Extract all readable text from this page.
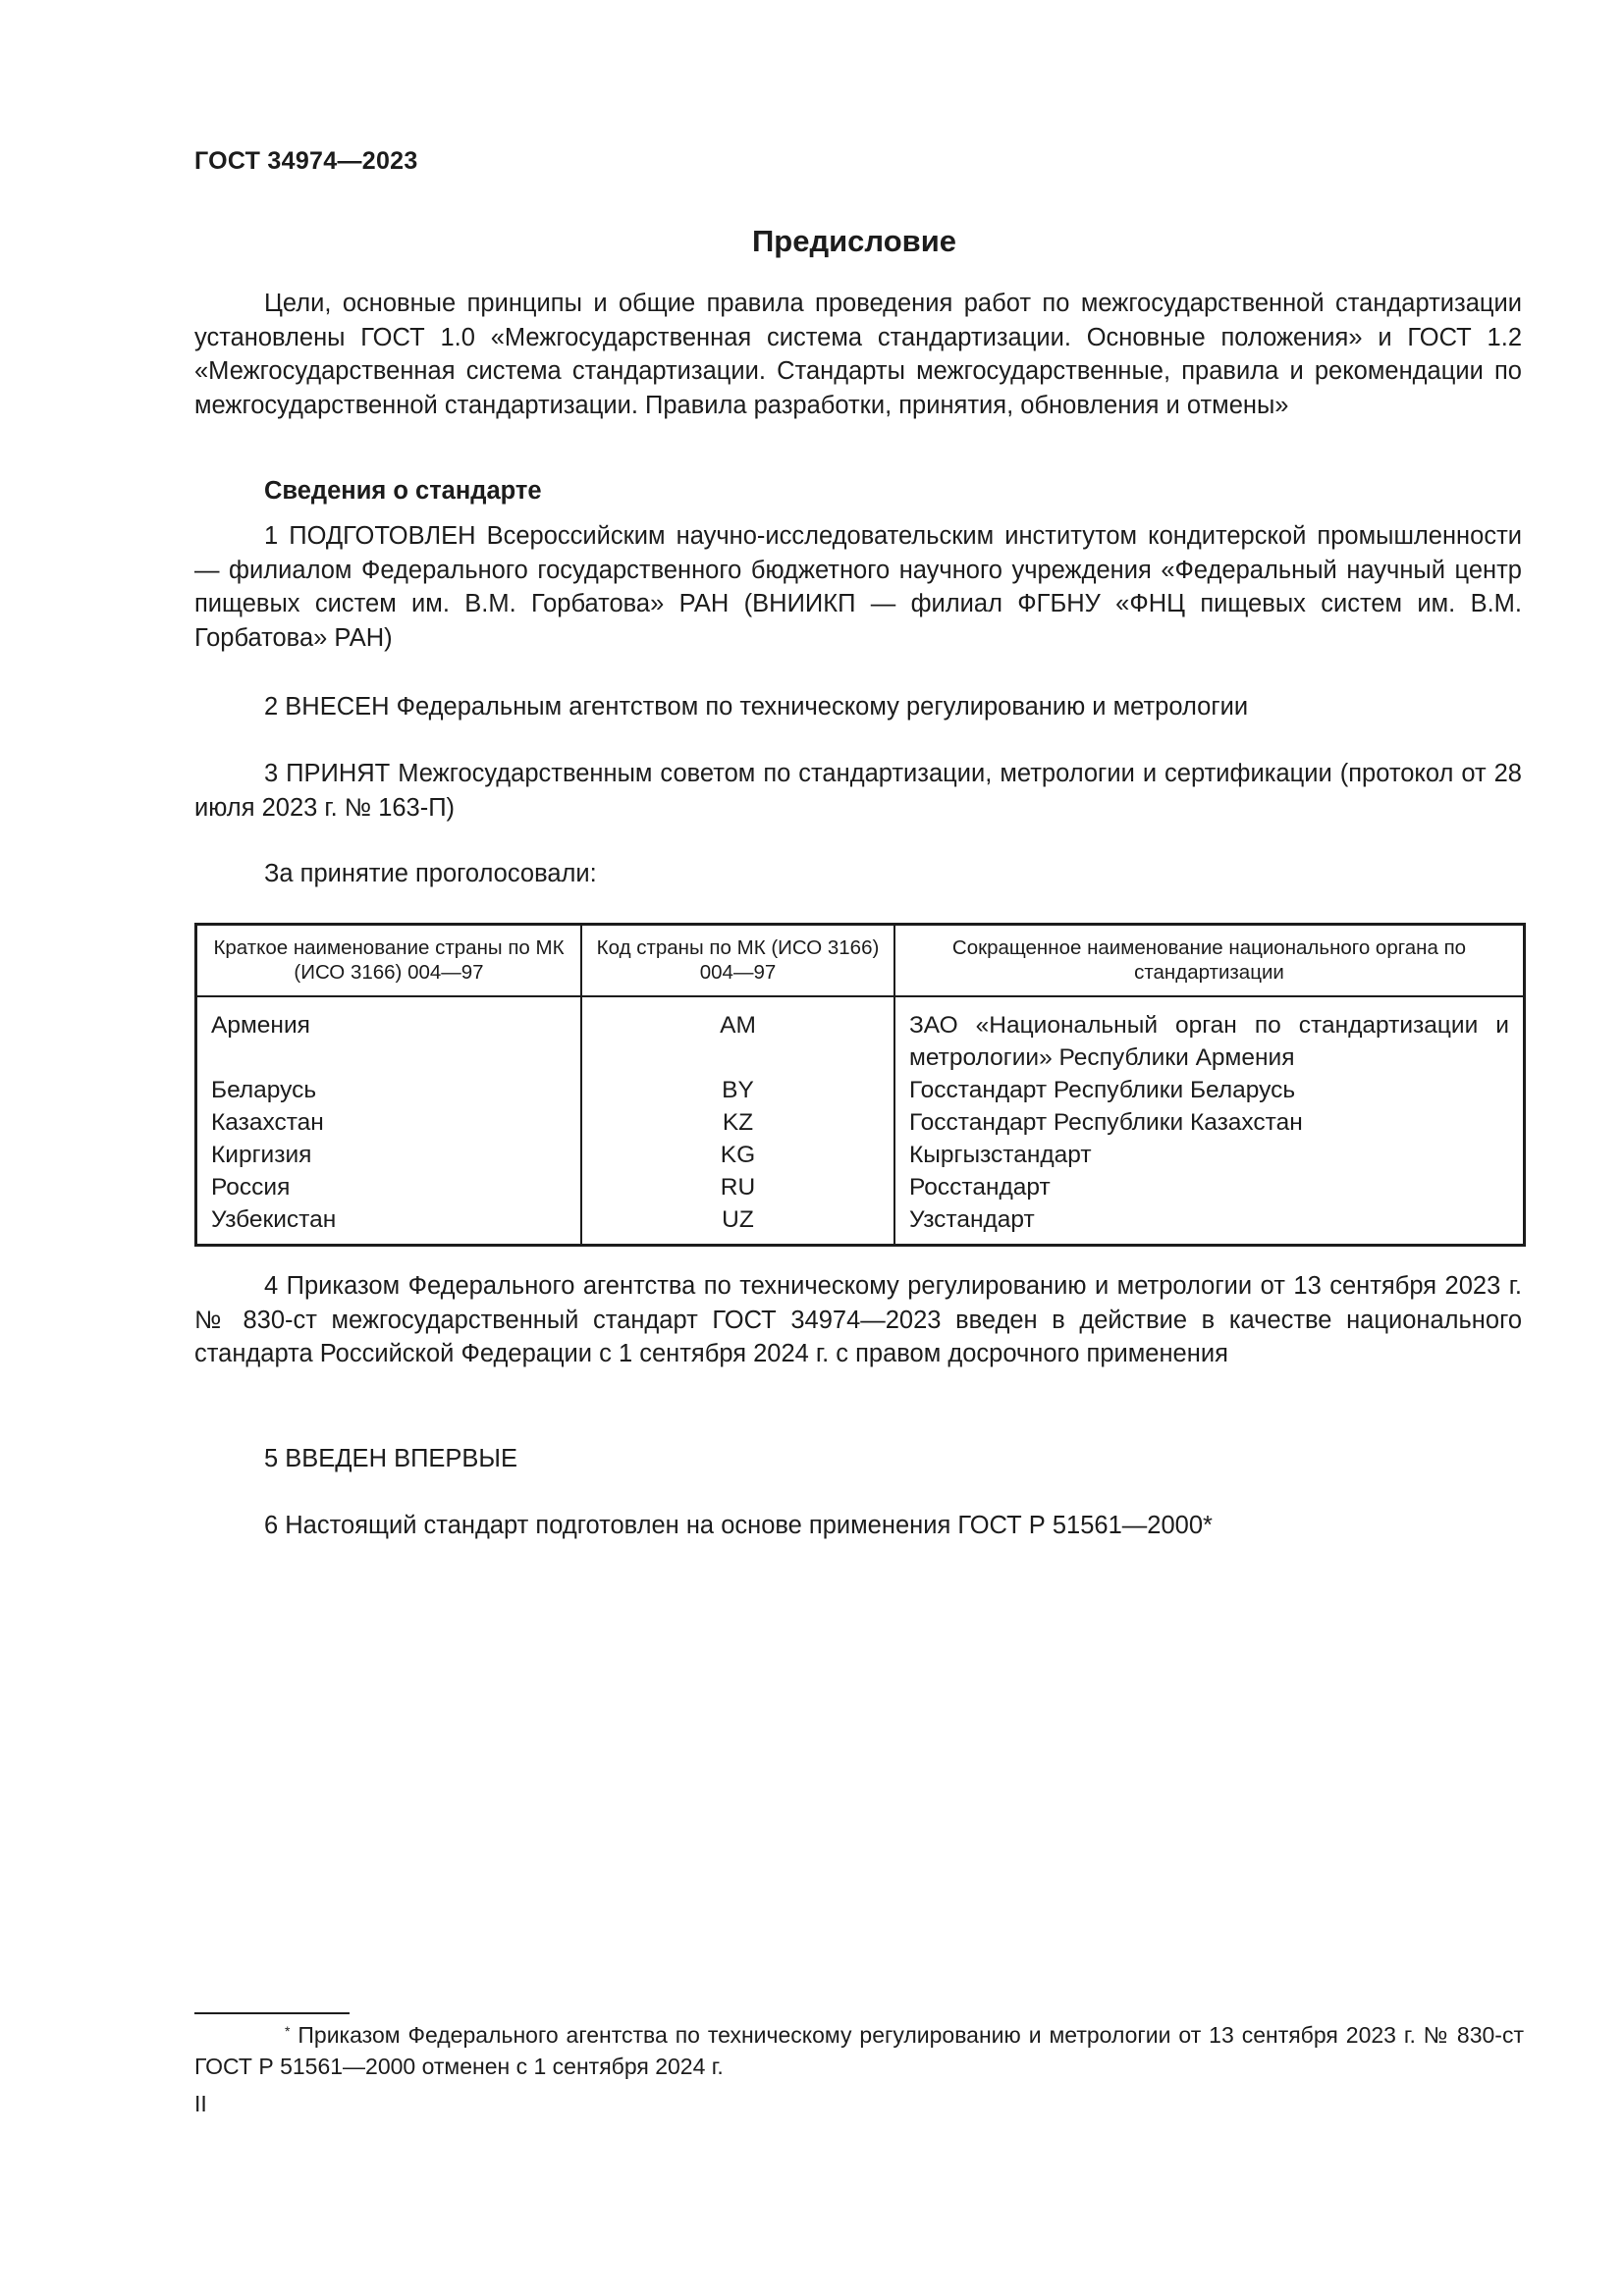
ГОСТ 34974—2023
Предисловие

Цели, основные принципы и общие правила проведения работ по межгосударственной стандартизации установлены ГОСТ 1.0 «Межгосударственная система стандартизации. Основные положения» и ГОСТ 1.2 «Межгосударственная система стандартизации. Стандарты межгосударственные, правила и рекомендации по межгосударственной стандартизации. Правила разработки, принятия, обновления и отмены»

Сведения о стандарте

1 ПОДГОТОВЛЕН Всероссийским научно-исследовательским институтом кондитерской промышленности — филиалом Федерального государственного бюджетного научного учреждения «Федеральный научный центр пищевых систем им. В.М. Горбатова» РАН (ВНИИКП — филиал ФГБНУ «ФНЦ пищевых систем им. В.М. Горбатова» РАН)

2 ВНЕСЕН Федеральным агентством по техническому регулированию и метрологии

3 ПРИНЯТ Межгосударственным советом по стандартизации, метрологии и сертификации (протокол от 28 июля 2023 г. № 163-П)

За принятие проголосовали:

Краткое наименование страны по МК (ИСО 3166) 004—97	Код страны по МК (ИСО 3166) 004—97	Сокращенное наименование национального органа по стандартизации
Армения	AM	ЗАО «Национальный орган по стандартизации и метрологии» Республики Армения
Беларусь	BY	Госстандарт Республики Беларусь
Казахстан	KZ	Госстандарт Республики Казахстан
Киргизия	KG	Кыргызстандарт
Россия	RU	Росстандарт
Узбекистан	UZ	Узстандарт

4 Приказом Федерального агентства по техническому регулированию и метрологии от 13 сентября 2023 г. № 830-ст межгосударственный стандарт ГОСТ 34974—2023 введен в действие в качестве национального стандарта Российской Федерации с 1 сентября 2024 г. с правом досрочного применения

5 ВВЕДЕН ВПЕРВЫЕ

6 Настоящий стандарт подготовлен на основе применения ГОСТ Р 51561—2000*

* Приказом Федерального агентства по техническому регулированию и метрологии от 13 сентября 2023 г. № 830-ст ГОСТ Р 51561—2000 отменен с 1 сентября 2024 г.
II
